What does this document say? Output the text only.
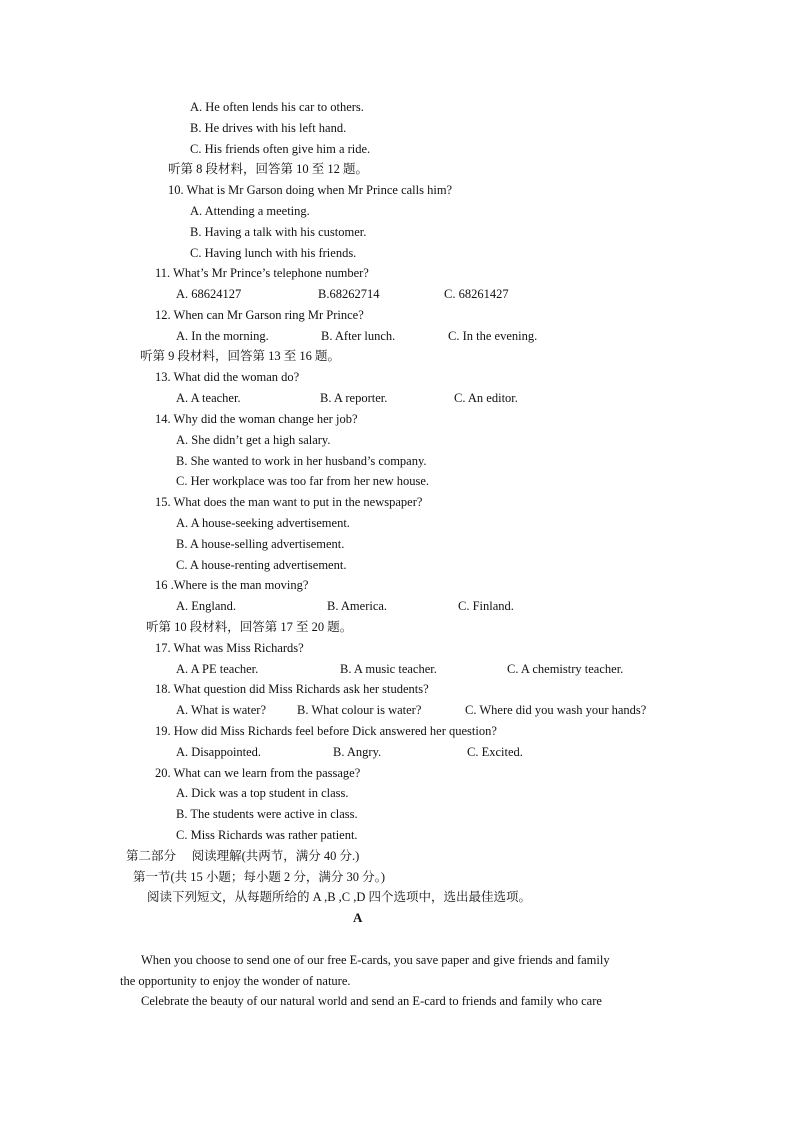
A. He often lends his car to others.
B. He drives with his left hand.
C. His friends often give him a ride.
听第 8 段材料，回答第 10 至 12 题。
10. What is Mr Garson doing when Mr Prince calls him?
A. Attending a meeting.
B. Having a talk with his customer.
C. Having lunch with his friends.
11. What’s Mr Prince’s telephone number?
A. 68624127	B.68262714	C. 68261427
12. When can Mr Garson ring Mr Prince?
A. In the morning.	B. After lunch.	C. In the evening.
听第 9 段材料，回答第 13 至 16 题。
13. What did the woman do?
A. A teacher.	B. A reporter.	C. An editor.
14. Why did the woman change her job?
A. She didn’t get a high salary.
B. She wanted to work in her husband’s company.
C. Her workplace was too far from her new house.
15. What does the man want to put in the newspaper?
A. A house-seeking advertisement.
B. A house-selling advertisement.
C. A house-renting advertisement.
16 .Where is the man moving?
A. England.	B. America.	C. Finland.
听第 10 段材料，回答第 17 至 20 题。
17. What was Miss Richards?
A. A PE teacher.	B. A music teacher.	C. A chemistry teacher.
18. What question did Miss Richards ask her students?
A. What is water? B. What colour is water?	C. Where did you wash your hands?
19. How did Miss Richards feel before Dick answered her question?
A. Disappointed.	B. Angry.	C. Excited.
20. What can we learn from the passage?
A. Dick was a top student in class.
B. The students were active in class.
C. Miss Richards was rather patient.
第二部分　 阅读理解(共两节，满分 40 分.)
第一节(共 15 小题；每小题 2 分，满分 30 分。)
阅读下列短文，从每题所给的 A ,B ,C ,D 四个选项中，选出最佳选项。
A
When you choose to send one of our free E-cards, you save paper and give friends and family
the opportunity to enjoy the wonder of nature.
Celebrate the beauty of our natural world and send an E-card to friends and family who care
